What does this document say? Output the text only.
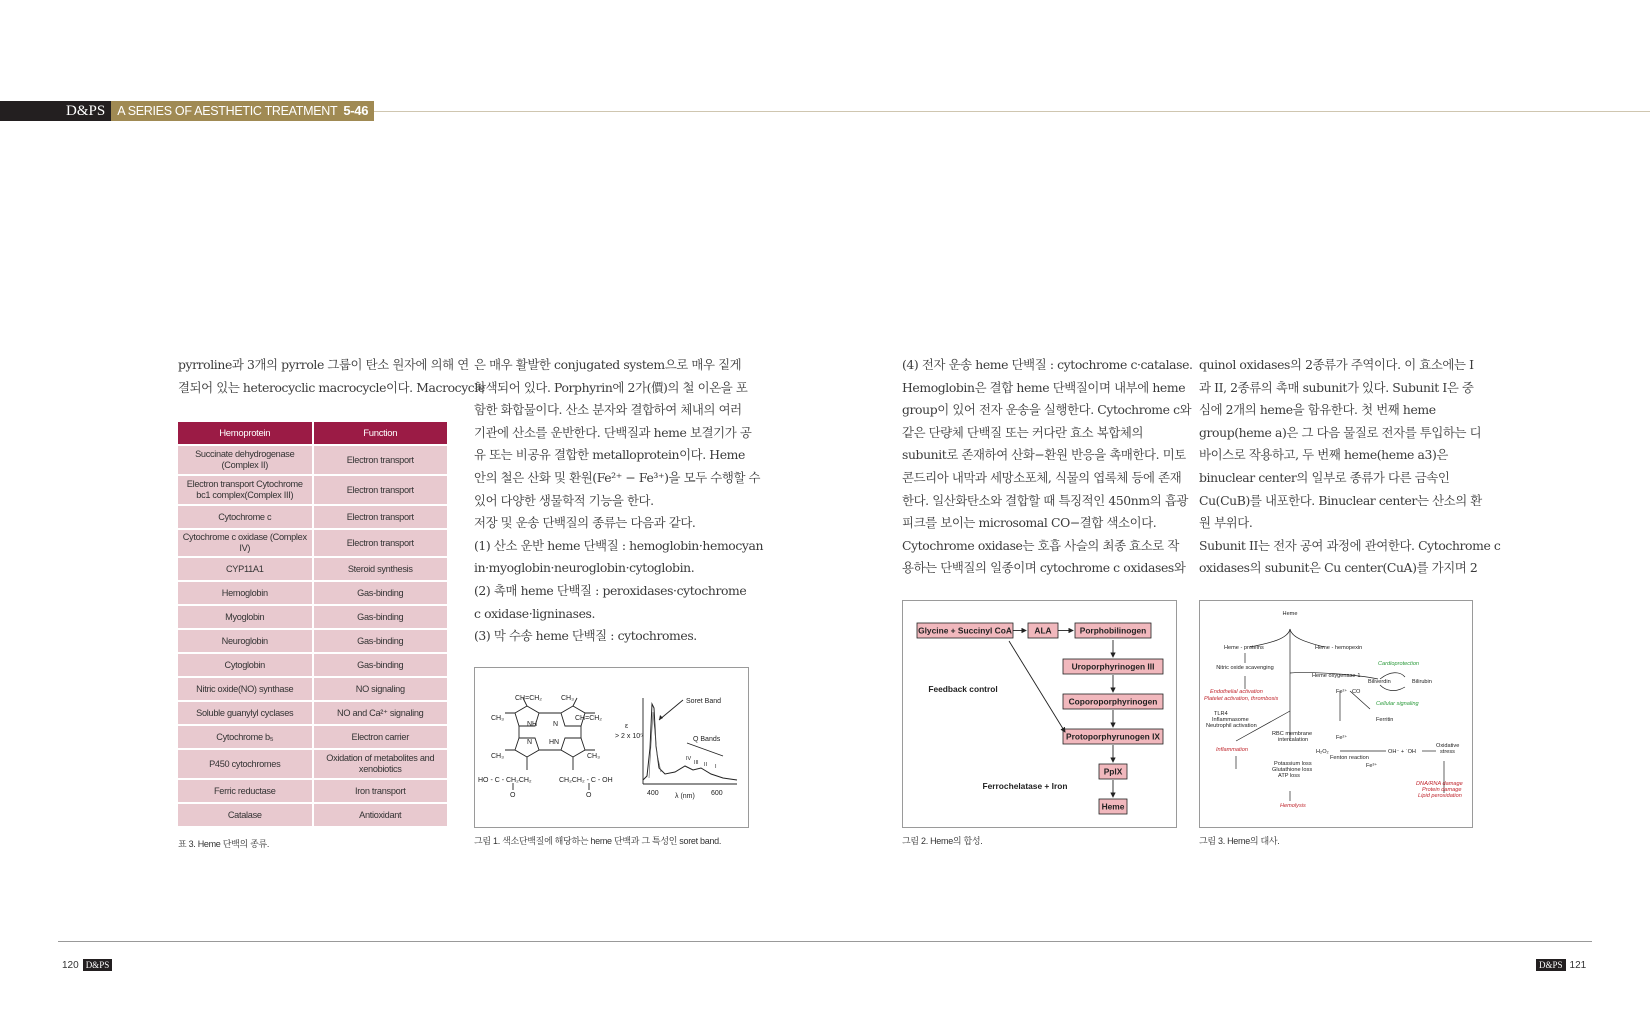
D&PS A SERIES OF AESTHETIC TREATMENT 5-46

pyrroline과 3개의 pyrrole 그룹이 탄소 원자에 의해 연

결되어 있는 heterocyclic macrocycle이다. Macrocycle

Hemoprotein	Function
Succinate dehydrogenase (Complex II)	Electron transport
Electron transport Cytochrome bc1 complex(Complex III)	Electron transport
Cytochrome c	Electron transport
Cytochrome c oxidase (Complex IV)	Electron transport
CYP11A1	Steroid synthesis
Hemoglobin	Gas-binding
Myoglobin	Gas-binding
Neuroglobin	Gas-binding
Cytoglobin	Gas-binding
Nitric oxide(NO) synthase	NO signaling
Soluble guanylyl cyclases	NO and Ca²⁺ signaling
Cytochrome b₅	Electron carrier
P450 cytochromes	Oxidation of metabolites and xenobiotics
Ferric reductase	Iron transport
Catalase	Antioxidant
표 3. Heme 단백의 종류.

은 매우 활발한 conjugated system으로 매우 짙게

착색되어 있다. Porphyrin에 2가(價)의 철 이온을 포

함한 화합물이다. 산소 분자와 결합하여 체내의 여러

기관에 산소를 운반한다. 단백질과 heme 보결기가 공

유 또는 비공유 결합한 metalloprotein이다. Heme

안의 철은 산화 및 환원(Fe²⁺ − Fe³⁺)을 모두 수행할 수

있어 다양한 생물학적 기능을 한다.

저장 및 운송 단백질의 종류는 다음과 같다.

(1) 산소 운반 heme 단백질 : hemoglobin·hemocyan

in·myoglobin·neuroglobin·cytoglobin.

(2) 촉매 heme 단백질 : peroxidases·cytochrome

c oxidase·ligninases.

(3) 막 수송 heme 단백질 : cytochromes.

CH=CH₂	CH₃
CH₃	CH=CH₂
NH N
N HN
CH₃	CH₃
HO - C - CH₂CH₂	CH₂CH₂ - C - OH
O	O
Soret Band
Q Bands
ε
> 2 x 10⁵
400	600
λ (nm)
IV
III II I
그림 1. 색소단백질에 해당하는 heme 단백과 그 특성인 soret band.

(4) 전자 운송 heme 단백질 : cytochrome c·catalase.

Hemoglobin은 결합 heme 단백질이며 내부에 heme

group이 있어 전자 운송을 실행한다. Cytochrome c와

같은 단량체 단백질 또는 커다란 효소 복합체의

subunit로 존재하여 산화−환원 반응을 촉매한다. 미토

콘드리아 내막과 세망소포체, 식물의 엽록체 등에 존재

한다. 일산화탄소와 결합할 때 특징적인 450nm의 흡광

피크를 보이는 microsomal CO−결합 색소이다.

Cytochrome oxidase는 호흡 사슬의 최종 효소로 작

용하는 단백질의 일종이며 cytochrome c oxidases와

Glycine + Succinyl CoA	ALA	Porphobilinogen
Uroporphyrinogen III
Coporoporphyrinogen
Protoporphyrunogen IX
PpIX
Heme
Feedback control
Ferrochelatase + Iron
그림 2. Heme의 합성.

quinol oxidases의 2종류가 주역이다. 이 효소에는 I

과 II, 2종류의 촉매 subunit가 있다. Subunit I은 중

심에 2개의 heme을 함유한다. 첫 번째 heme

group(heme a)은 그 다음 물질로 전자를 투입하는 디

바이스로 작용하고, 두 번째 heme(heme a3)은

binuclear center의 일부로 종류가 다른 금속인

Cu(CuB)를 내포한다. Binuclear center는 산소의 환

원 부위다.

Subunit II는 전자 공여 과정에 관여한다. Cytochrome c

oxidases의 subunit은 Cu center(CuA)를 가지며 2

Heme
Heme - proteins	Heme - hemopexin
Nitric oxide scavenging
Heme oxygenase-1
Cardioprotection
Biliverdin	Bilirubin
Endothelial activation
Platelet activation, thrombosis
Fe²⁺ CO
Cellular signaling
TLR4
Inflammasome
Neutrophil activation
Ferritin
RBC membrane
intercalation	Fe²⁺
Inflammation	H₂O₂
Fenton reaction
OH⁻ + ˙OH
Oxidative
stress
Fe³⁺
Potassium loss
Glutathione loss
ATP loss
Hemolysis
DNA/RNA damage
Protein damage
Lipid peroxidation
그림 3. Heme의 대사.
120 D&PS	D&PS 121
